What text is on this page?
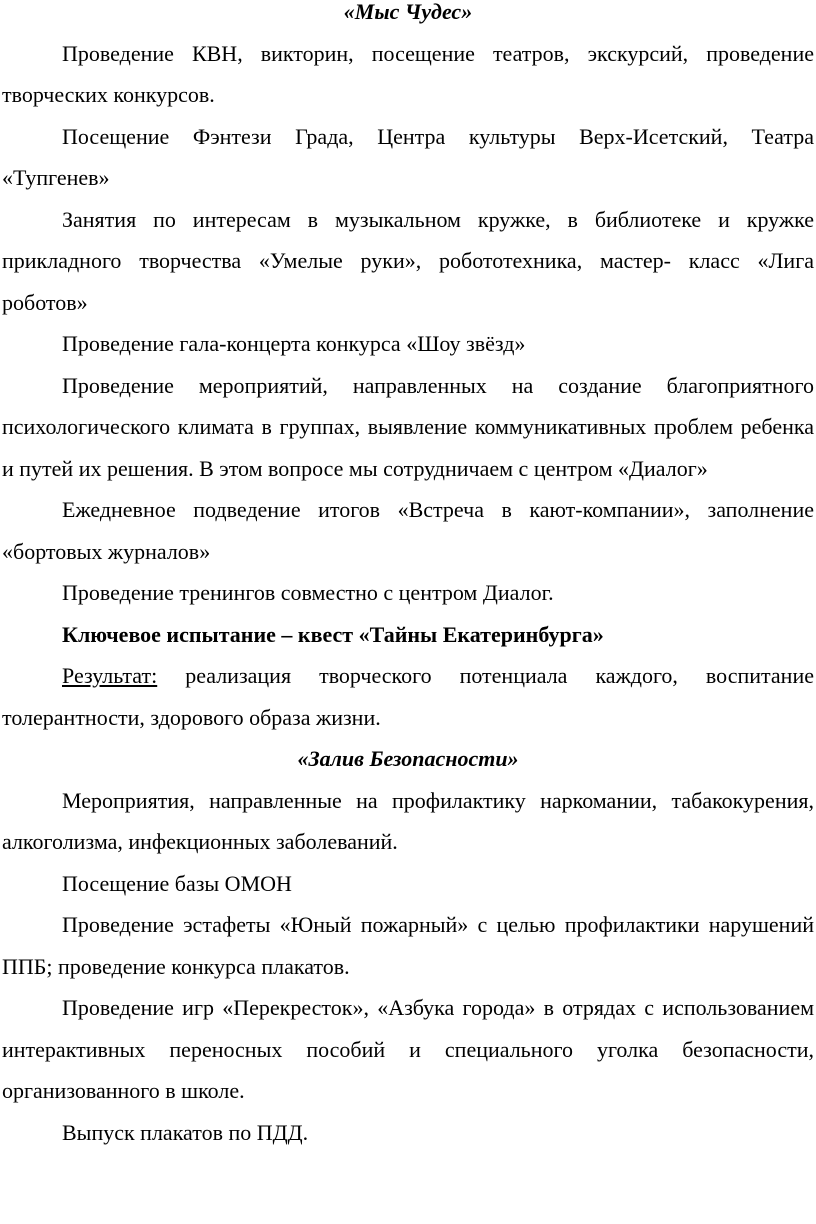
«Мыс Чудес»

Проведение КВН, викторин, посещение театров, экскурсий, проведение творческих конкурсов.

Посещение Фэнтези Града, Центра культуры Верх-Исетский, Театра «Тупгенев»

Занятия по интересам в музыкальном кружке, в библиотеке и кружке прикладного творчества «Умелые руки», робототехника, мастер- класс «Лига роботов»

Проведение гала-концерта конкурса «Шоу звёзд»

Проведение мероприятий, направленных на создание благоприятного психологического климата в группах, выявление коммуникативных проблем ребенка и путей их решения. В этом вопросе мы сотрудничаем с центром «Диалог»

Ежедневное подведение итогов «Встреча в кают-компании», заполнение «бортовых журналов»

Проведение тренингов совместно с центром Диалог.

Ключевое испытание – квест «Тайны Екатеринбурга»

Результат: реализация творческого потенциала каждого, воспитание толерантности, здорового образа жизни.

«Залив Безопасности»

Мероприятия, направленные на профилактику наркомании, табакокурения, алкоголизма, инфекционных заболеваний.

Посещение базы ОМОН

Проведение эстафеты «Юный пожарный» с целью профилактики нарушений ППБ; проведение конкурса плакатов.

Проведение игр «Перекресток», «Азбука города» в отрядах с использованием интерактивных переносных пособий и специального уголка безопасности, организованного в школе.

Выпуск плакатов по ПДД.
